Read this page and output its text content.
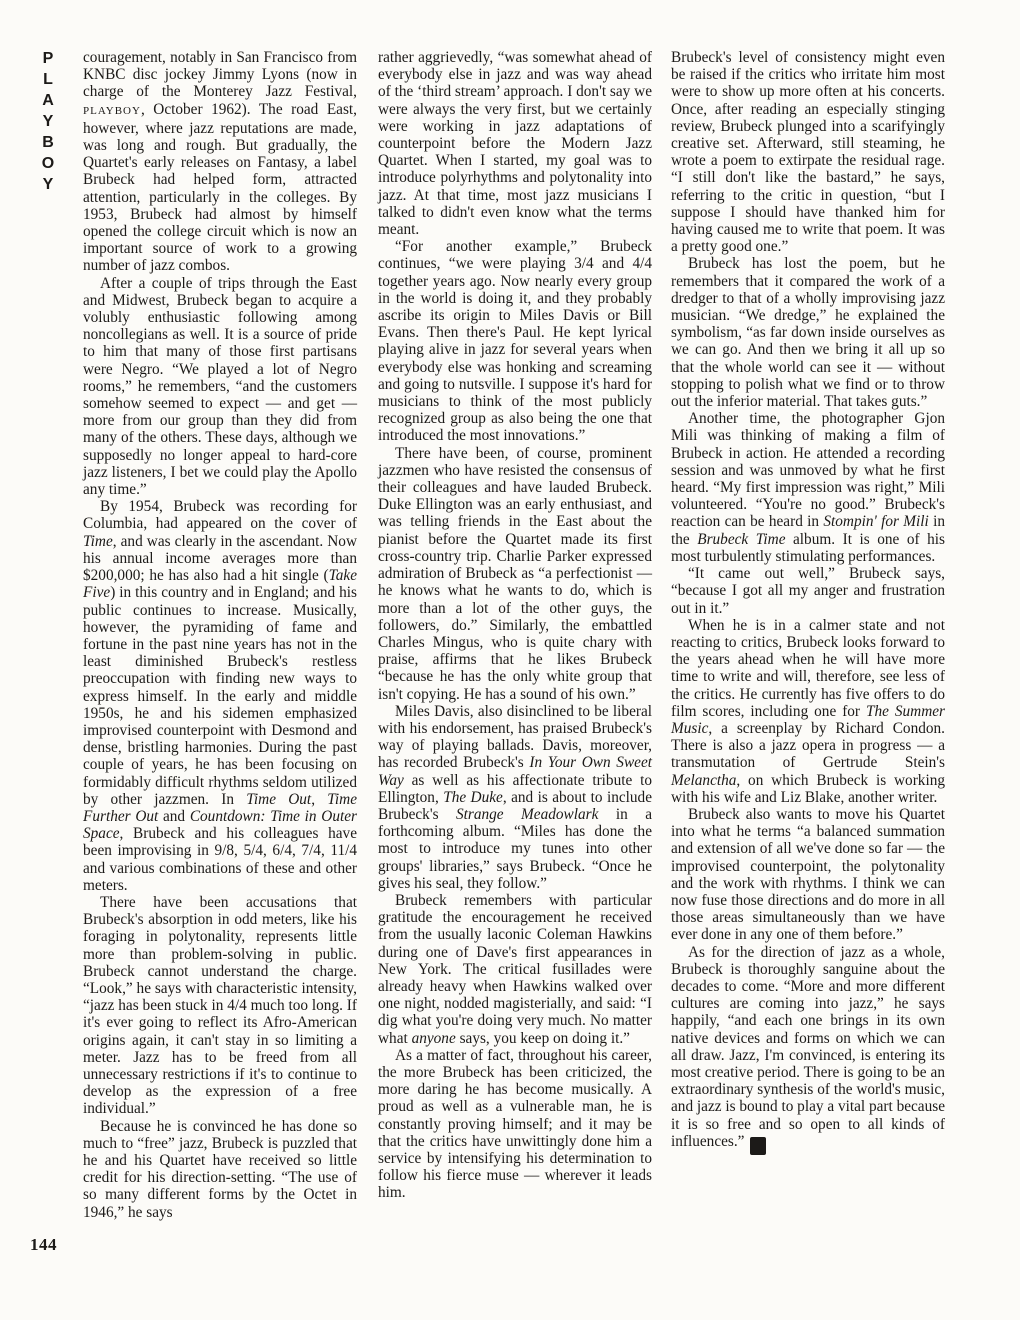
P
L
A
Y
B
O
Y

couragement, notably in San Francisco from KNBC disc jockey Jimmy Lyons (now in charge of the Monterey Jazz Festival, PLAYBOY, October 1962). The road East, however, where jazz reputations are made, was long and rough. But gradually, the Quartet's early releases on Fantasy, a label Brubeck had helped form, attracted attention, particularly in the colleges. By 1953, Brubeck had almost by himself opened the college circuit which is now an important source of work to a growing number of jazz combos.

After a couple of trips through the East and Midwest, Brubeck began to acquire a volubly enthusiastic following among noncollegians as well. It is a source of pride to him that many of those first partisans were Negro. “We played a lot of Negro rooms,” he remembers, “and the customers somehow seemed to expect — and get — more from our group than they did from many of the others. These days, although we supposedly no longer appeal to hard-core jazz listeners, I bet we could play the Apollo any time.”

By 1954, Brubeck was recording for Columbia, had appeared on the cover of Time, and was clearly in the ascendant. Now his annual income averages more than $200,000; he has also had a hit single (Take Five) in this country and in England; and his public continues to increase. Musically, however, the pyramiding of fame and fortune in the past nine years has not in the least diminished Brubeck's restless preoccupation with finding new ways to express himself. In the early and middle 1950s, he and his sidemen emphasized improvised counterpoint with Desmond and dense, bristling harmonies. During the past couple of years, he has been focusing on formidably difficult rhythms seldom utilized by other jazzmen. In Time Out, Time Further Out and Countdown: Time in Outer Space, Brubeck and his colleagues have been improvising in 9/8, 5/4, 6/4, 7/4, 11/4 and various combinations of these and other meters.

There have been accusations that Brubeck's absorption in odd meters, like his foraging in polytonality, represents little more than problem-solving in public. Brubeck cannot understand the charge. “Look,” he says with characteristic intensity, “jazz has been stuck in 4/4 much too long. If it's ever going to reflect its Afro-American origins again, it can't stay in so limiting a meter. Jazz has to be freed from all unnecessary restrictions if it's to continue to develop as the expression of a free individual.”

Because he is convinced he has done so much to “free” jazz, Brubeck is puzzled that he and his Quartet have received so little credit for his direction-setting. “The use of so many different forms by the Octet in 1946,” he says

rather aggrievedly, “was somewhat ahead of everybody else in jazz and was way ahead of the ‘third stream’ approach. I don't say we were always the very first, but we certainly were working in jazz adaptations of counterpoint before the Modern Jazz Quartet. When I started, my goal was to introduce polyrhythms and polytonality into jazz. At that time, most jazz musicians I talked to didn't even know what the terms meant.

“For another example,” Brubeck continues, “we were playing 3/4 and 4/4 together years ago. Now nearly every group in the world is doing it, and they probably ascribe its origin to Miles Davis or Bill Evans. Then there's Paul. He kept lyrical playing alive in jazz for several years when everybody else was honking and screaming and going to nutsville. I suppose it's hard for musicians to think of the most publicly recognized group as also being the one that introduced the most innovations.”

There have been, of course, prominent jazzmen who have resisted the consensus of their colleagues and have lauded Brubeck. Duke Ellington was an early enthusiast, and was telling friends in the East about the pianist before the Quartet made its first cross-country trip. Charlie Parker expressed admiration of Brubeck as “a perfectionist — he knows what he wants to do, which is more than a lot of the other guys, the followers, do.” Similarly, the embattled Charles Mingus, who is quite chary with praise, affirms that he likes Brubeck “because he has the only white group that isn't copying. He has a sound of his own.”

Miles Davis, also disinclined to be liberal with his endorsement, has praised Brubeck's way of playing ballads. Davis, moreover, has recorded Brubeck's In Your Own Sweet Way as well as his affectionate tribute to Ellington, The Duke, and is about to include Brubeck's Strange Meadowlark in a forthcoming album. “Miles has done the most to introduce my tunes into other groups' libraries,” says Brubeck. “Once he gives his seal, they follow.”

Brubeck remembers with particular gratitude the encouragement he received from the usually laconic Coleman Hawkins during one of Dave's first appearances in New York. The critical fusillades were already heavy when Hawkins walked over one night, nodded magisterially, and said: “I dig what you're doing very much. No matter what anyone says, you keep on doing it.”

As a matter of fact, throughout his career, the more Brubeck has been criticized, the more daring he has become musically. A proud as well as a vulnerable man, he is constantly proving himself; and it may be that the critics have unwittingly done him a service by intensifying his determination to follow his fierce muse — wherever it leads him.

Brubeck's level of consistency might even be raised if the critics who irritate him most were to show up more often at his concerts. Once, after reading an especially stinging review, Brubeck plunged into a scarifyingly creative set. Afterward, still steaming, he wrote a poem to extirpate the residual rage. “I still don't like the bastard,” he says, referring to the critic in question, “but I suppose I should have thanked him for having caused me to write that poem. It was a pretty good one.”

Brubeck has lost the poem, but he remembers that it compared the work of a dredger to that of a wholly improvising jazz musician. “We dredge,” he explained the symbolism, “as far down inside ourselves as we can go. And then we bring it all up so that the whole world can see it — without stopping to polish what we find or to throw out the inferior material. That takes guts.”

Another time, the photographer Gjon Mili was thinking of making a film of Brubeck in action. He attended a recording session and was unmoved by what he first heard. “My first impression was right,” Mili volunteered. “You're no good.” Brubeck's reaction can be heard in Stompin' for Mili in the Brubeck Time album. It is one of his most turbulently stimulating performances.

“It came out well,” Brubeck says, “because I got all my anger and frustration out in it.”

When he is in a calmer state and not reacting to critics, Brubeck looks forward to the years ahead when he will have more time to write and will, therefore, see less of the critics. He currently has five offers to do film scores, including one for The Summer Music, a screenplay by Richard Condon. There is also a jazz opera in progress — a transmutation of Gertrude Stein's Melanctha, on which Brubeck is working with his wife and Liz Blake, another writer.

Brubeck also wants to move his Quartet into what he terms “a balanced summation and extension of all we've done so far — the improvised counterpoint, the polytonality and the work with rhythms. I think we can now fuse those directions and do more in all those areas simultaneously than we have ever done in any one of them before.”

As for the direction of jazz as a whole, Brubeck is thoroughly sanguine about the decades to come. “More and more different cultures are coming into jazz,” he says happily, “and each one brings in its own native devices and forms on which we can all draw. Jazz, I'm convinced, is entering its most creative period. There is going to be an extraordinary synthesis of the world's music, and jazz is bound to play a vital part because it is so free and so open to all kinds of influences.” ♠

144
